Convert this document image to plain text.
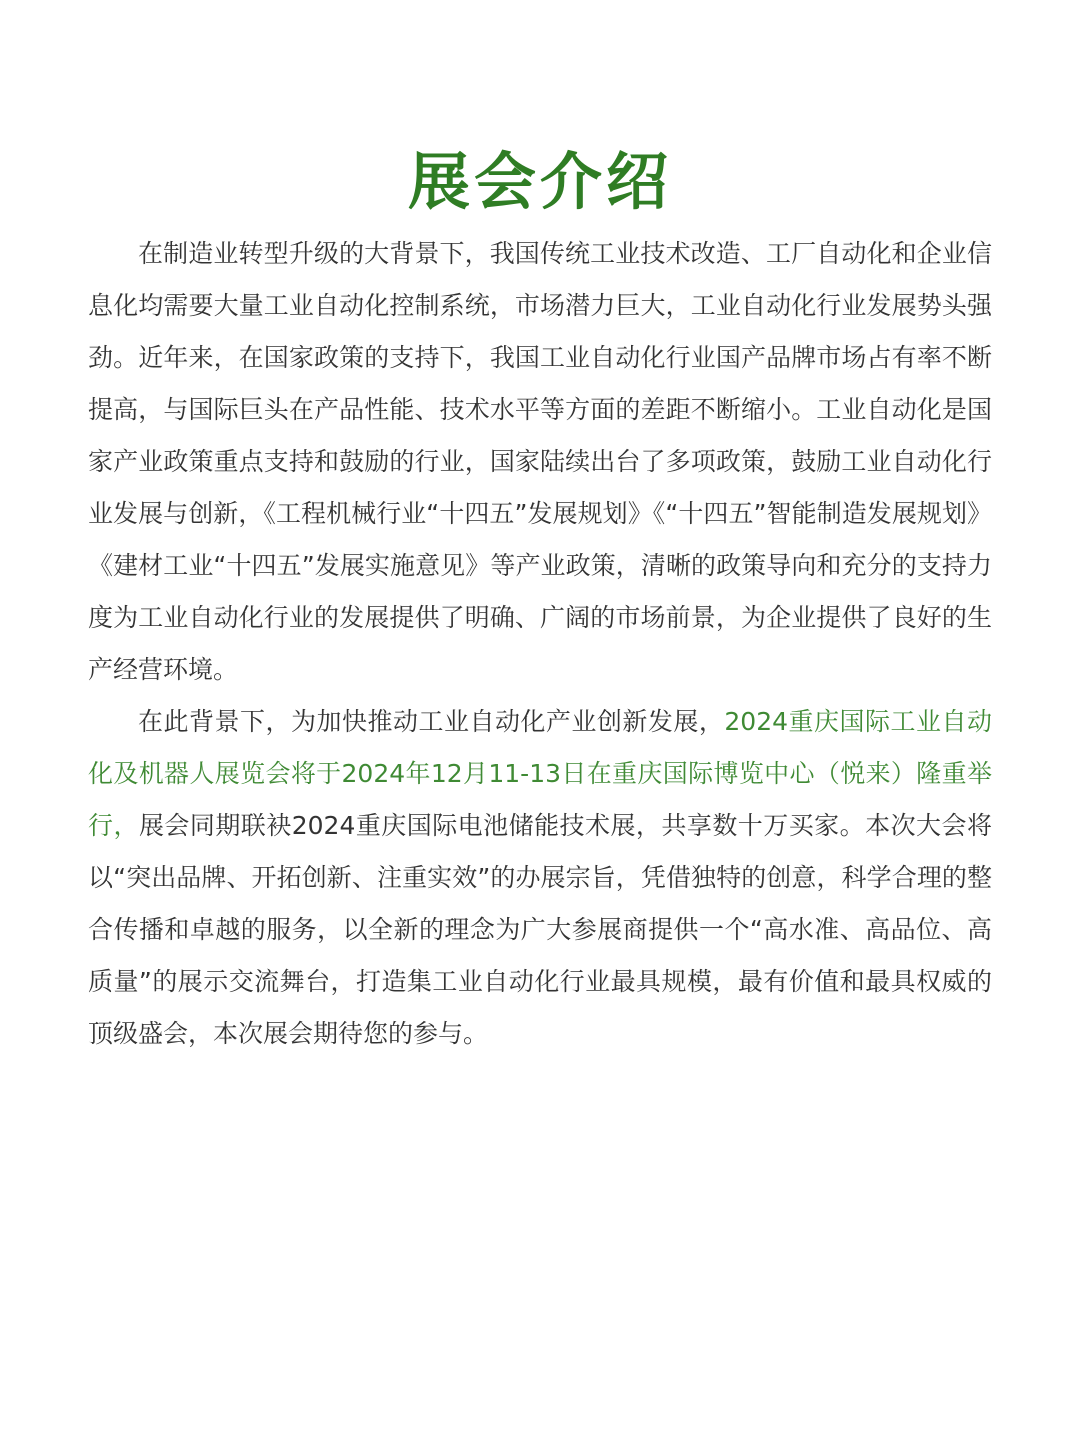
展会介绍

在制造业转型升级的大背景下，我国传统工业技术改造、工厂自动化和企业信息化均需要大量工业自动化控制系统，市场潜力巨大，工业自动化行业发展势头强劲。近年来，在国家政策的支持下，我国工业自动化行业国产品牌市场占有率不断提高，与国际巨头在产品性能、技术水平等方面的差距不断缩小。工业自动化是国家产业政策重点支持和鼓励的行业，国家陆续出台了多项政策，鼓励工业自动化行业发展与创新，《工程机械行业“十四五”发展规划》《“十四五”智能制造发展规划》《建材工业“十四五”发展实施意见》等产业政策，清晰的政策导向和充分的支持力度为工业自动化行业的发展提供了明确、广阔的市场前景，为企业提供了良好的生产经营环境。

在此背景下，为加快推动工业自动化产业创新发展，2024重庆国际工业自动化及机器人展览会将于2024年12月11-13日在重庆国际博览中心（悦来）隆重举行，展会同期联袂2024重庆国际电池储能技术展，共享数十万买家。本次大会将以“突出品牌、开拓创新、注重实效”的办展宗旨，凭借独特的创意，科学合理的整合传播和卓越的服务，以全新的理念为广大参展商提供一个“高水准、高品位、高质量”的展示交流舞台，打造集工业自动化行业最具规模，最有价值和最具权威的顶级盛会，本次展会期待您的参与。
